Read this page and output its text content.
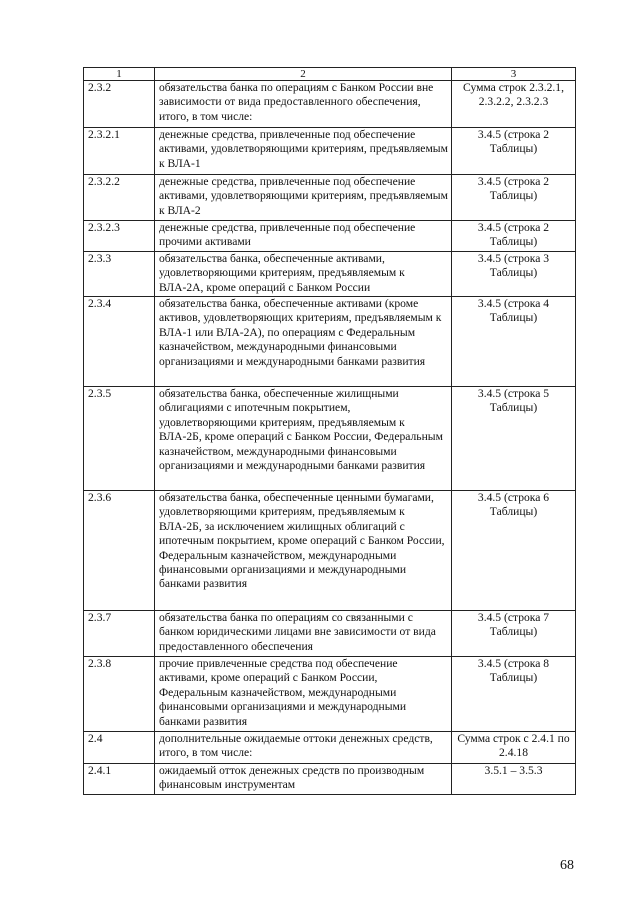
1	2	3
2.3.2	обязательства банка по операциям с Банком России вне зависимости от вида предоставленного обеспечения, итого, в том числе:	Сумма строк 2.3.2.1, 2.3.2.2, 2.3.2.3
2.3.2.1	денежные средства, привлеченные под обеспечение активами, удовлетворяющими критериям, предъявляемым к ВЛА-1	3.4.5 (строка 2 Таблицы)
2.3.2.2	денежные средства, привлеченные под обеспечение активами, удовлетворяющими критериям, предъявляемым к ВЛА-2	3.4.5 (строка 2 Таблицы)
2.3.2.3	денежные средства, привлеченные под обеспечение прочими активами	3.4.5 (строка 2 Таблицы)
2.3.3	обязательства банка, обеспеченные активами, удовлетворяющими критериям, предъявляемым к ВЛА-2А, кроме операций с Банком России	3.4.5 (строка 3 Таблицы)
2.3.4	обязательства банка, обеспеченные активами (кроме активов, удовлетворяющих критериям, предъявляемым к ВЛА-1 или ВЛА-2А), по операциям с Федеральным казначейством, международными финансовыми организациями и международными банками развития	3.4.5 (строка 4 Таблицы)
2.3.5	обязательства банка, обеспеченные жилищными облигациями с ипотечным покрытием, удовлетворяющими критериям, предъявляемым к ВЛА-2Б, кроме операций с Банком России, Федеральным казначейством, международными финансовыми организациями и международными банками развития	3.4.5 (строка 5 Таблицы)
2.3.6	обязательства банка, обеспеченные ценными бумагами, удовлетворяющими критериям, предъявляемым к ВЛА-2Б, за исключением жилищных облигаций с ипотечным покрытием, кроме операций с Банком России, Федеральным казначейством, международными финансовыми организациями и международными банками развития	3.4.5 (строка 6 Таблицы)
2.3.7	обязательства банка по операциям со связанными с банком юридическими лицами вне зависимости от вида предоставленного обеспечения	3.4.5 (строка 7 Таблицы)
2.3.8	прочие привлеченные средства под обеспечение активами, кроме операций с Банком России, Федеральным казначейством, международными финансовыми организациями и международными банками развития	3.4.5 (строка 8 Таблицы)
2.4	дополнительные ожидаемые оттоки денежных средств, итого, в том числе:	Сумма строк с 2.4.1 по 2.4.18
2.4.1	ожидаемый отток денежных средств по производным финансовым инструментам	3.5.1 – 3.5.3
68
